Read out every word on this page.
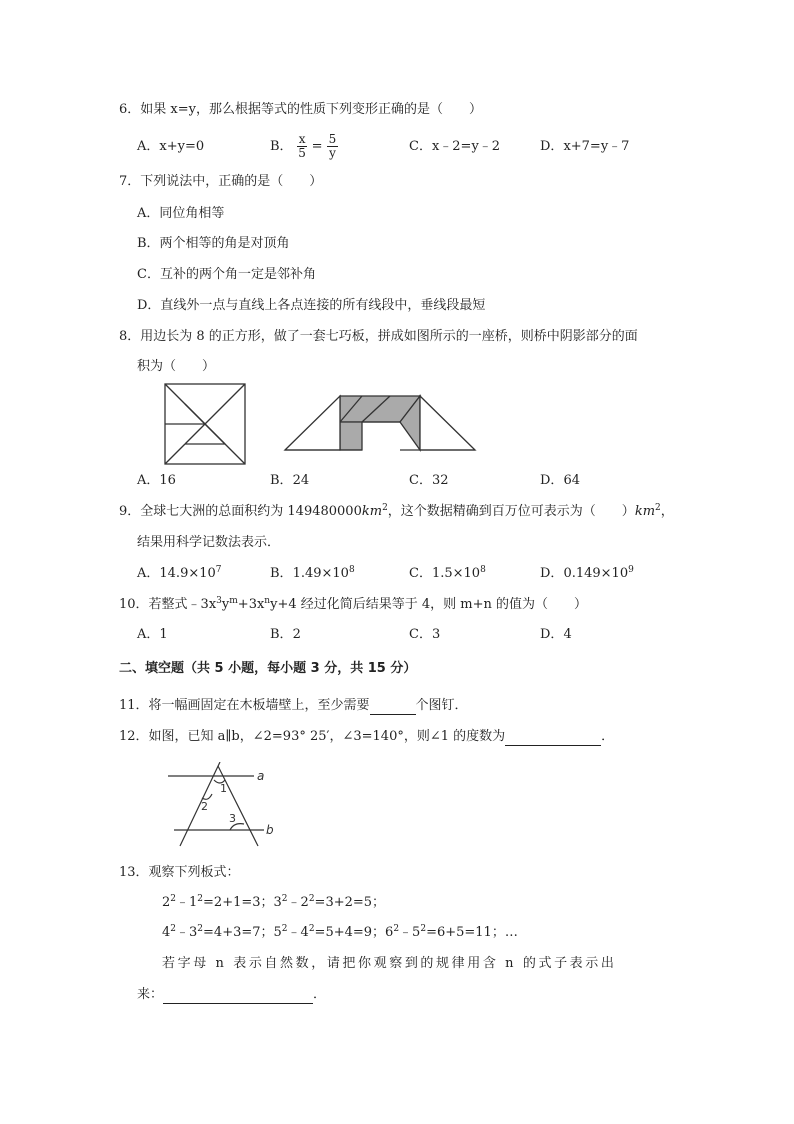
6．如果 x=y，那么根据等式的性质下列变形正确的是（　　）
A．x+y=0	B． $\frac{x}{5} = \frac{5}{y}$	C．x﹣2=y﹣2	D．x+7=y﹣7
7．下列说法中，正确的是（　　）
A．同位角相等
B．两个相等的角是对顶角
C．互补的两个角一定是邻补角
D．直线外一点与直线上各点连接的所有线段中，垂线段最短
8．用边长为 8 的正方形，做了一套七巧板，拼成如图所示的一座桥，则桥中阴影部分的面
积为（　　）
A．16	B．24	C．32	D．64
9．全球七大洲的总面积约为 $149480000km^2$，这个数据精确到百万位可表示为（　　）$km^2$，
结果用科学记数法表示．
A．$14.9\times 10^7$	B．$1.49\times 10^8$	C．$1.5\times 10^8$	D．$0.149\times 10^9$
10．若整式$﹣3x^3y^m+3x^ny+4$ 经过化简后结果等于 4，则 m+n 的值为（　　）
A．1	B．2	C．3	D．4
二、填空题（共 5 小题，每小题 3 分，共 15 分）
11．将一幅画固定在木板墙壁上，至少需要	个图钉．
12．如图，已知 a∥b，∠2=93° 25′，∠3=140°，则∠1 的度数为	．
a
b
1
2
3
13．观察下列板式：
$2^2﹣1^2=2+1=3$；$3^2﹣2^2=3+2=5$；
$4^2﹣3^2=4+3=7$；$5^2﹣4^2=5+4=9$；$6^2﹣5^2=6+5=11$；…
若字母 n 表示自然数，请把你观察到的规律用含 n 的式子表示出
来：	．
